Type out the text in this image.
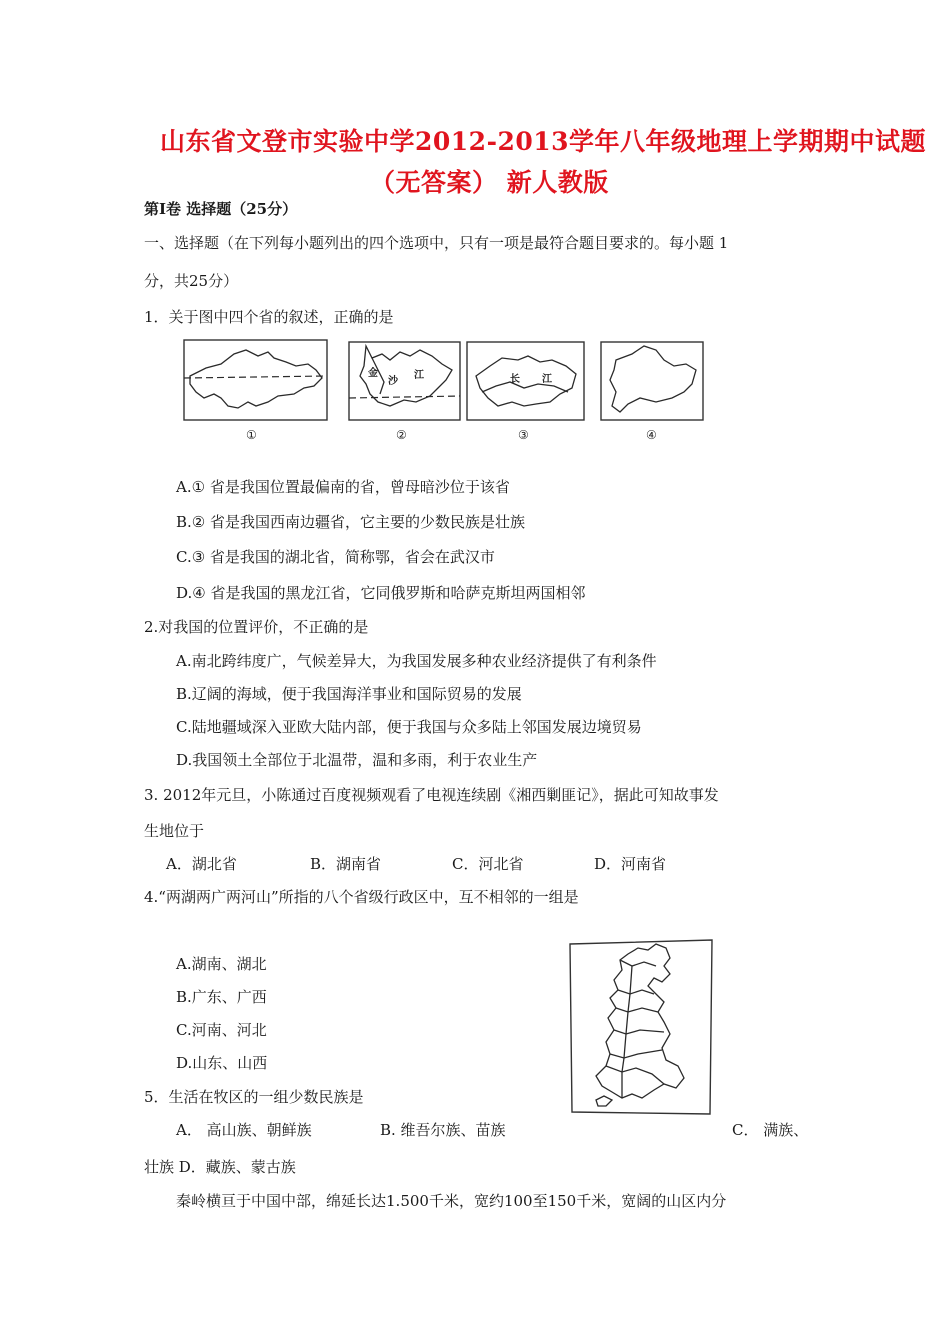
山东省文登市实验中学2012-2013学年八年级地理上学期期中试题
（无答案） 新人教版
第Ⅰ卷 选择题（25分）
一、选择题（在下列每小题列出的四个选项中，只有一项是最符合题目要求的。每小题 1
分，共25分）
1．关于图中四个省的叙述，正确的是
①
金
沙
江
②
长 江
③	④
A.① 省是我国位置最偏南的省，曾母暗沙位于该省
B.② 省是我国西南边疆省，它主要的少数民族是壮族
C.③ 省是我国的湖北省，简称鄂，省会在武汉市
D.④ 省是我国的黑龙江省，它同俄罗斯和哈萨克斯坦两国相邻
2.对我国的位置评价，不正确的是
A.南北跨纬度广，气候差异大，为我国发展多种农业经济提供了有利条件
B.辽阔的海域，便于我国海洋事业和国际贸易的发展
C.陆地疆域深入亚欧大陆内部，便于我国与众多陆上邻国发展边境贸易
D.我国领土全部位于北温带，温和多雨，利于农业生产
3. 2012年元旦，小陈通过百度视频观看了电视连续剧《湘西剿匪记》，据此可知故事发
生地位于
A．湖北省	B．湖南省	C．河北省	D．河南省
4.“两湖两广两河山”所指的八个省级行政区中，互不相邻的一组是
A.湖南、湖北
B.广东、广西
C.河南、河北
D.山东、山西
5．生活在牧区的一组少数民族是
A． 高山族、朝鲜族	B. 维吾尔族、苗族	C． 满族、
壮族 D．藏族、蒙古族
秦岭横亘于中国中部，绵延长达1.500千米，宽约100至150千米，宽阔的山区内分
